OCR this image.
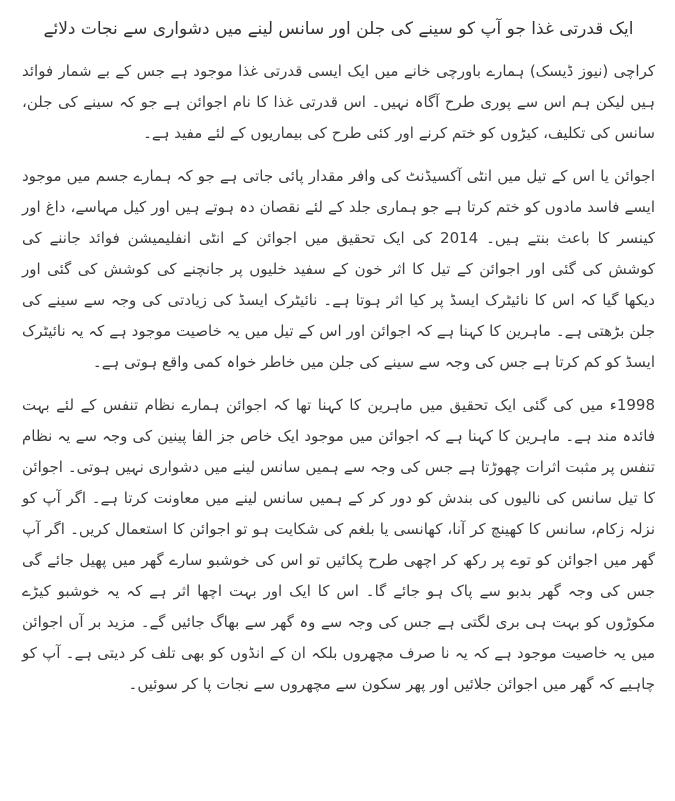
ایک قدرتی غذا جو آپ کو سینے کی جلن اور سانس لینے میں دشواری سے نجات دلائے

کراچی (نیوز ڈیسک) ہمارے باورچی خانے میں ایک ایسی قدرتی غذا موجود ہے جس کے بے شمار فوائد ہیں لیکن ہم اس سے پوری طرح آگاہ نہیں۔ اس قدرتی غذا کا نام اجوائن ہے جو کہ سینے کی جلن، سانس کی تکلیف، کیڑوں کو ختم کرنے اور کئی طرح کی بیماریوں کے لئے مفید ہے۔

اجوائن یا اس کے تیل میں انٹی آکسیڈنٹ کی وافر مقدار پائی جاتی ہے جو کہ ہمارے جسم میں موجود ایسے فاسد مادوں کو ختم کرتا ہے جو ہماری جلد کے لئے نقصان دہ ہوتے ہیں اور کیل مہاسے، داغ اور کینسر کا باعث بنتے ہیں۔ 2014 کی ایک تحقیق میں اجوائن کے انٹی انفلیمیشن فوائد جاننے کی کوشش کی گئی اور اجوائن کے تیل کا اثر خون کے سفید خلیوں پر جانچنے کی کوشش کی گئی اور دیکھا گیا کہ اس کا نائیٹرک ایسڈ پر کیا اثر ہوتا ہے۔ نائیٹرک ایسڈ کی زیادتی کی وجہ سے سینے کی جلن بڑھتی ہے۔ ماہرین کا کہنا ہے کہ اجوائن اور اس کے تیل میں یہ خاصیت موجود ہے کہ یہ نائیٹرک ایسڈ کو کم کرتا ہے جس کی وجہ سے سینے کی جلن میں خاطر خواہ کمی واقع ہوتی ہے۔

1998ء میں کی گئی ایک تحقیق میں ماہرین کا کہنا تھا کہ اجوائن ہمارے نظام تنفس کے لئے بہت فائدہ مند ہے۔ ماہرین کا کہنا ہے کہ اجوائن میں موجود ایک خاص جز الفا پینین کی وجہ سے یہ نظام تنفس پر مثبت اثرات چھوڑتا ہے جس کی وجہ سے ہمیں سانس لینے میں دشواری نہیں ہوتی۔ اجوائن کا تیل سانس کی نالیوں کی بندش کو دور کر کے ہمیں سانس لینے میں معاونت کرتا ہے۔ اگر آپ کو نزلہ زکام، سانس کا کھینچ کر آنا، کھانسی یا بلغم کی شکایت ہو تو اجوائن کا استعمال کریں۔ اگر آپ گھر میں اجوائن کو توے پر رکھ کر اچھی طرح پکائیں تو اس کی خوشبو سارے گھر میں پھیل جائے گی جس کی وجہ گھر بدبو سے پاک ہو جائے گا۔ اس کا ایک اور بہت اچھا اثر ہے کہ یہ خوشبو کیڑے مکوڑوں کو بہت ہی بری لگتی ہے جس کی وجہ سے وہ گھر سے بھاگ جائیں گے۔ مزید بر آں اجوائن میں یہ خاصیت موجود ہے کہ یہ نا صرف مچھروں بلکہ ان کے انڈوں کو بھی تلف کر دیتی ہے۔ آپ کو چاہیے کہ گھر میں اجوائن جلائیں اور پھر سکون سے مچھروں سے نجات پا کر سوئیں۔
